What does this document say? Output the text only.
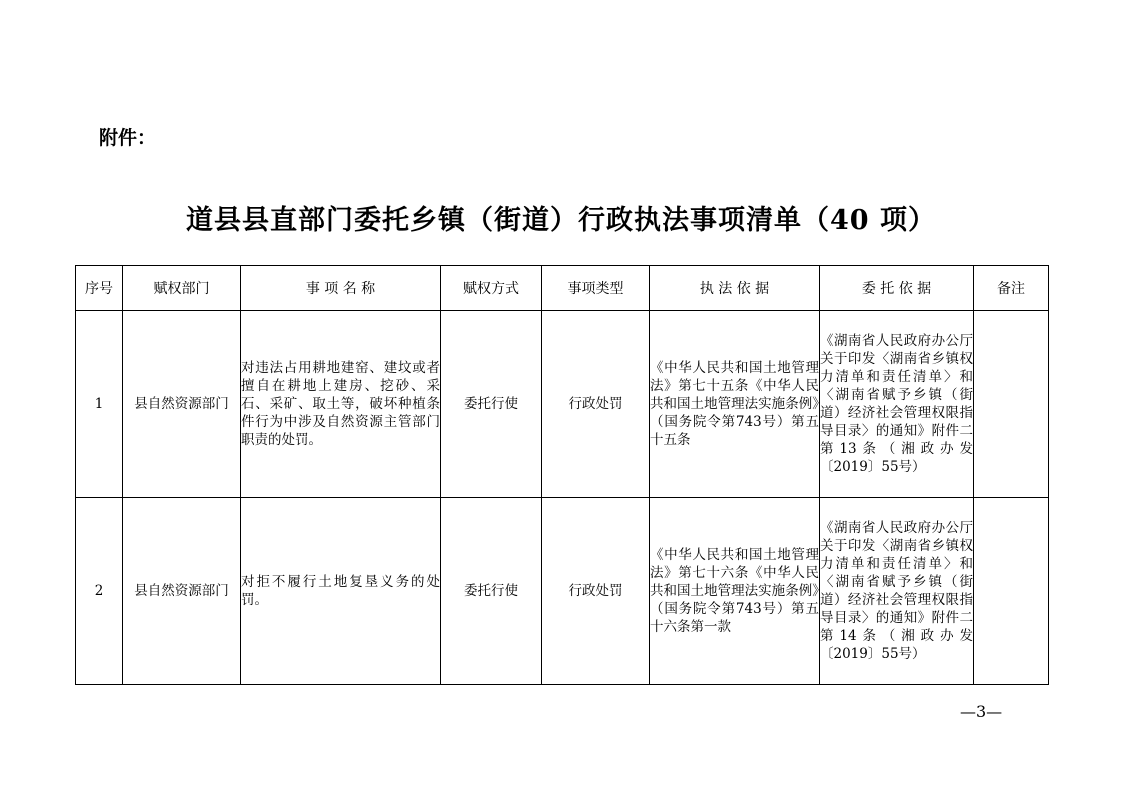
附件：
道县县直部门委托乡镇（街道）行政执法事项清单（40 项）
序号	赋权部门	事 项 名 称	赋权方式	事项类型	执 法 依 据	委 托 依 据	备注
1	县自然资源部门	对违法占用耕地建窑、建坟或者擅自在耕地上建房、挖砂、采石、采矿、取土等，破坏种植条件行为中涉及自然资源主管部门职责的处罚。	委托行使	行政处罚	《中华人民共和国土地管理法》第七十五条《中华人民共和国土地管理法实施条例》（国务院令第743号）第五十五条	《湖南省人民政府办公厅关于印发〈湖南省乡镇权力清单和责任清单〉和〈湖南省赋予乡镇（街道）经济社会管理权限指导目录〉的通知》附件二第13条（湘政办发〔2019〕55号）	
2	县自然资源部门	对拒不履行土地复垦义务的处罚。	委托行使	行政处罚	《中华人民共和国土地管理法》第七十六条《中华人民共和国土地管理法实施条例》（国务院令第743号）第五十六条第一款	《湖南省人民政府办公厅关于印发〈湖南省乡镇权力清单和责任清单〉和〈湖南省赋予乡镇（街道）经济社会管理权限指导目录〉的通知》附件二第14条（湘政办发〔2019〕55号）	
—3—
